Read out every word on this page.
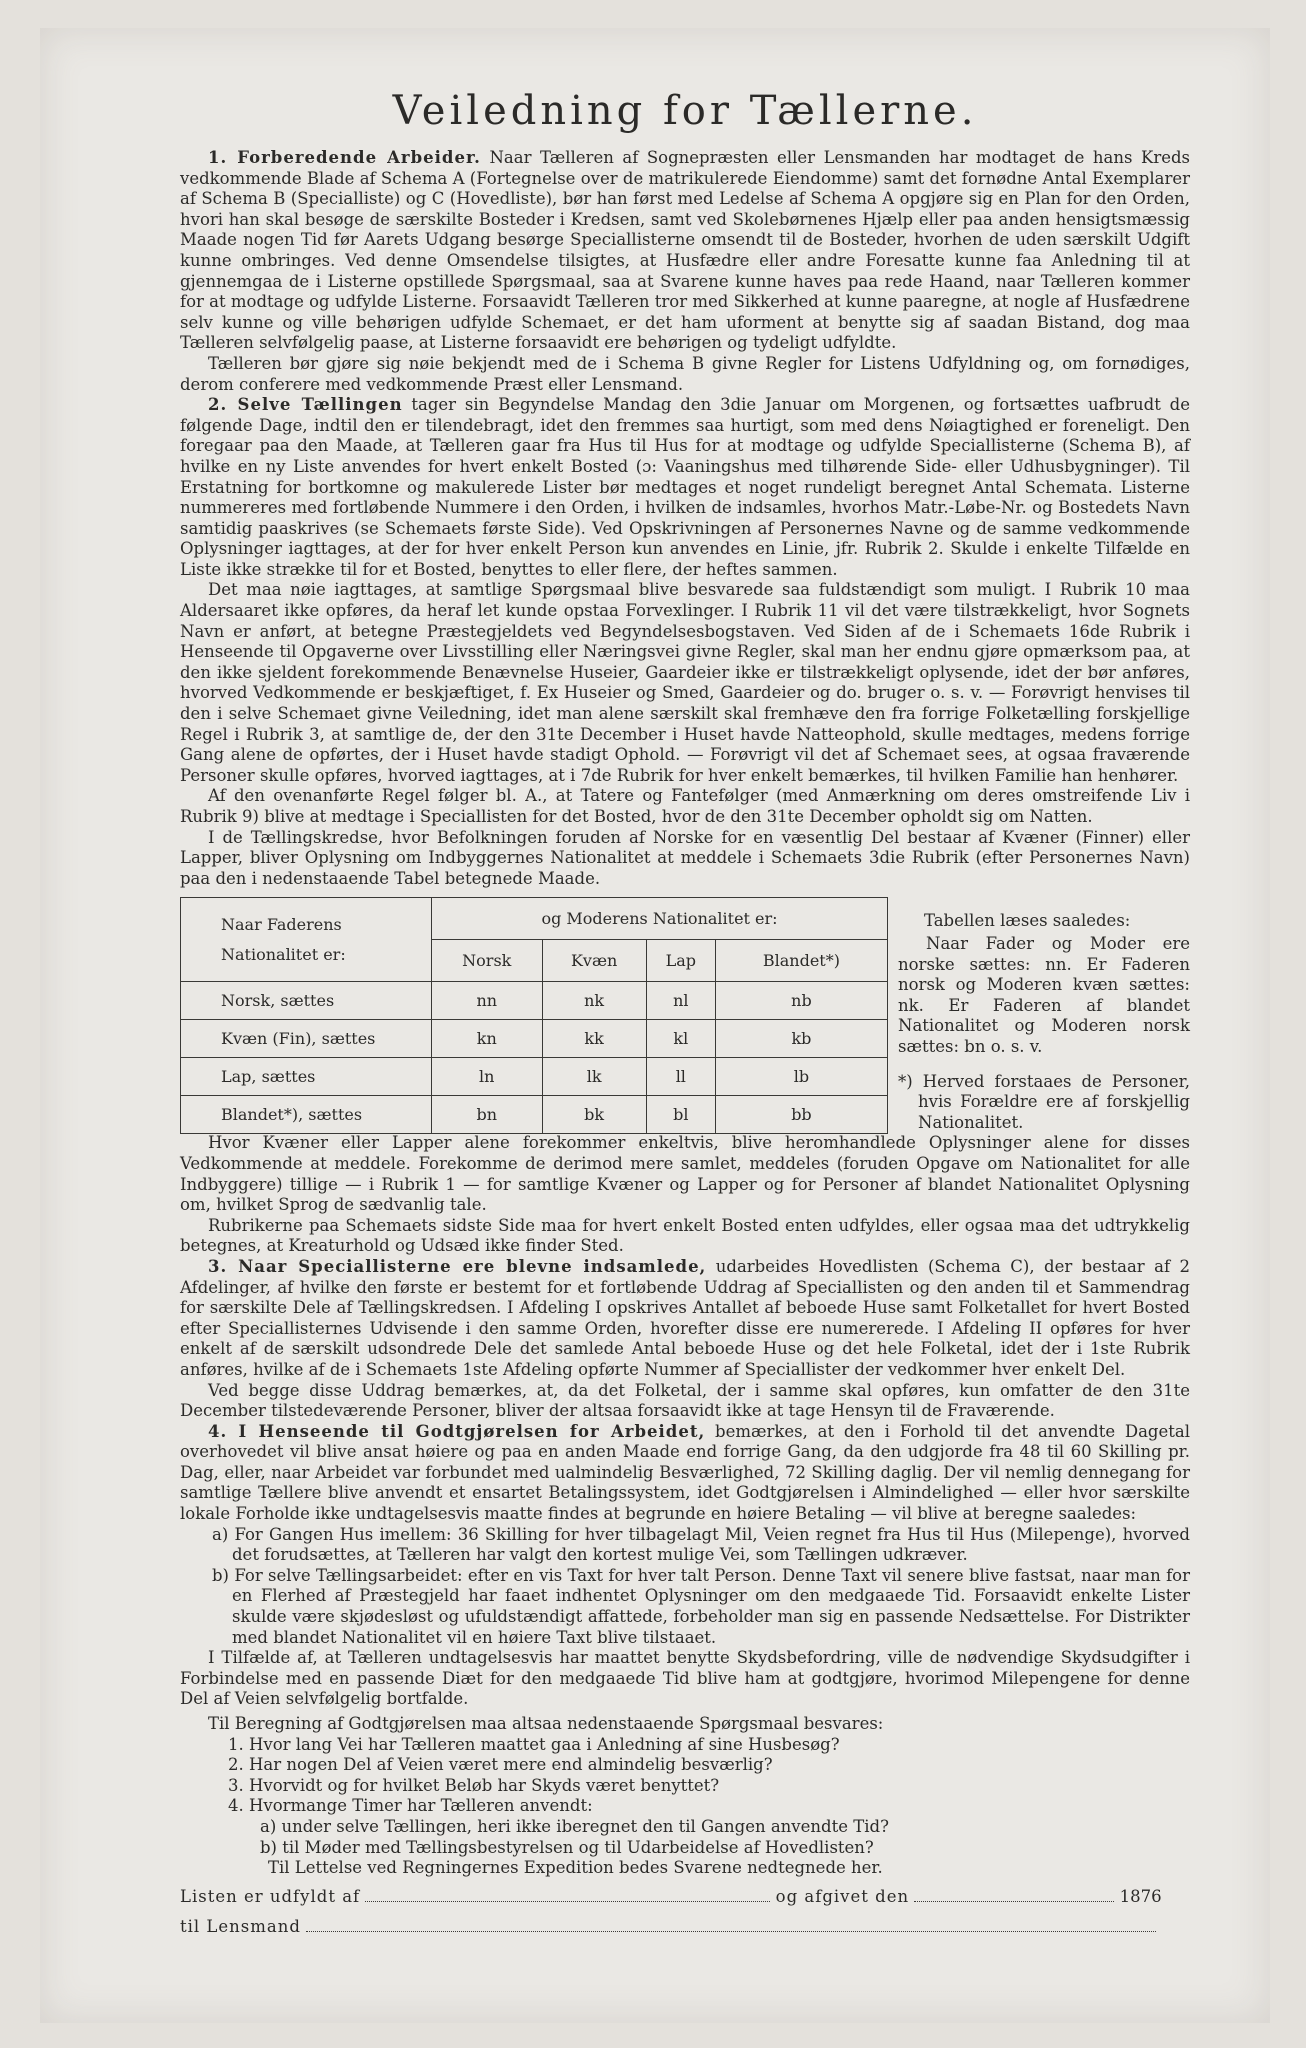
Veiledning for Tællerne.

1. Forberedende Arbeider. Naar Tælleren af Sognepræsten eller Lensmanden har modtaget de hans Kreds vedkommende Blade af Schema A (Fortegnelse over de matrikulerede Eiendomme) samt det fornødne Antal Exemplarer af Schema B (Specialliste) og C (Hovedliste), bør han først med Ledelse af Schema A opgjøre sig en Plan for den Orden, hvori han skal besøge de særskilte Bosteder i Kredsen, samt ved Skolebørnenes Hjælp eller paa anden hensigtsmæssig Maade nogen Tid før Aarets Udgang besørge Speciallisterne omsendt til de Bosteder, hvorhen de uden særskilt Udgift kunne ombringes. Ved denne Omsendelse tilsigtes, at Husfædre eller andre Foresatte kunne faa Anledning til at gjennemgaa de i Listerne opstillede Spørgsmaal, saa at Svarene kunne haves paa rede Haand, naar Tælleren kommer for at modtage og udfylde Listerne. Forsaavidt Tælleren tror med Sikkerhed at kunne paaregne, at nogle af Husfædrene selv kunne og ville behørigen udfylde Schemaet, er det ham uforment at benytte sig af saadan Bistand, dog maa Tælleren selvfølgelig paase, at Listerne forsaavidt ere behørigen og tydeligt udfyldte.

Tælleren bør gjøre sig nøie bekjendt med de i Schema B givne Regler for Listens Udfyldning og, om fornødiges, derom conferere med vedkommende Præst eller Lensmand.

2. Selve Tællingen tager sin Begyndelse Mandag den 3die Januar om Morgenen, og fortsættes uafbrudt de følgende Dage, indtil den er tilendebragt, idet den fremmes saa hurtigt, som med dens Nøiagtighed er foreneligt. Den foregaar paa den Maade, at Tælleren gaar fra Hus til Hus for at modtage og udfylde Speciallisterne (Schema B), af hvilke en ny Liste anvendes for hvert enkelt Bosted (ɔ: Vaaningshus med tilhørende Side- eller Udhusbygninger). Til Erstatning for bortkomne og makulerede Lister bør medtages et noget rundeligt beregnet Antal Schemata. Listerne nummereres med fortløbende Nummere i den Orden, i hvilken de indsamles, hvorhos Matr.-Løbe-Nr. og Bostedets Navn samtidig paaskrives (se Schemaets første Side). Ved Opskrivningen af Personernes Navne og de samme vedkommende Oplysninger iagttages, at der for hver enkelt Person kun anvendes en Linie, jfr. Rubrik 2. Skulde i enkelte Tilfælde en Liste ikke strække til for et Bosted, benyttes to eller flere, der heftes sammen.

Det maa nøie iagttages, at samtlige Spørgsmaal blive besvarede saa fuldstændigt som muligt. I Rubrik 10 maa Aldersaaret ikke opføres, da heraf let kunde opstaa Forvexlinger. I Rubrik 11 vil det være tilstrækkeligt, hvor Sognets Navn er anført, at betegne Præstegjeldets ved Begyndelsesbogstaven. Ved Siden af de i Schemaets 16de Rubrik i Henseende til Opgaverne over Livsstilling eller Næringsvei givne Regler, skal man her endnu gjøre opmærksom paa, at den ikke sjeldent forekommende Benævnelse Huseier, Gaardeier ikke er tilstrækkeligt oplysende, idet der bør anføres, hvorved Vedkommende er beskjæftiget, f. Ex Huseier og Smed, Gaardeier og do. bruger o. s. v. — Forøvrigt henvises til den i selve Schemaet givne Veiledning, idet man alene særskilt skal fremhæve den fra forrige Folketælling forskjellige Regel i Rubrik 3, at samtlige de, der den 31te December i Huset havde Natteophold, skulle medtages, medens forrige Gang alene de opførtes, der i Huset havde stadigt Ophold. — Forøvrigt vil det af Schemaet sees, at ogsaa fraværende Personer skulle opføres, hvorved iagttages, at i 7de Rubrik for hver enkelt bemærkes, til hvilken Familie han henhører.

Af den ovenanførte Regel følger bl. A., at Tatere og Fantefølger (med Anmærkning om deres omstreifende Liv i Rubrik 9) blive at medtage i Speciallisten for det Bosted, hvor de den 31te December opholdt sig om Natten.

I de Tællingskredse, hvor Befolkningen foruden af Norske for en væsentlig Del bestaar af Kvæner (Finner) eller Lapper, bliver Oplysning om Indbyggernes Nationalitet at meddele i Schemaets 3die Rubrik (efter Personernes Navn) paa den i nedenstaaende Tabel betegnede Maade.

Naar Faderens
Nationalitet er:	og Moderens Nationalitet er:			
	Norsk	Kvæn	Lap	Blandet*)
Norsk, sættes	nn	nk	nl	nb
Kvæn (Fin), sættes	kn	kk	kl	kb
Lap, sættes	ln	lk	ll	lb
Blandet*), sættes	bn	bk	bl	bb

Tabellen læses saaledes:

Naar Fader og Moder ere norske sættes: nn. Er Faderen norsk og Moderen kvæn sættes: nk. Er Faderen af blandet Nationalitet og Moderen norsk sættes: bn o. s. v.

*) Herved forstaaes de Personer, hvis Forældre ere af forskjellig Nationalitet.

Hvor Kvæner eller Lapper alene forekommer enkeltvis, blive heromhandlede Oplysninger alene for disses Vedkommende at meddele. Forekomme de derimod mere samlet, meddeles (foruden Opgave om Nationalitet for alle Indbyggere) tillige — i Rubrik 1 — for samtlige Kvæner og Lapper og for Personer af blandet Nationalitet Oplysning om, hvilket Sprog de sædvanlig tale.

Rubrikerne paa Schemaets sidste Side maa for hvert enkelt Bosted enten udfyldes, eller ogsaa maa det udtrykkelig betegnes, at Kreaturhold og Udsæd ikke finder Sted.

3. Naar Speciallisterne ere blevne indsamlede, udarbeides Hovedlisten (Schema C), der bestaar af 2 Afdelinger, af hvilke den første er bestemt for et fortløbende Uddrag af Speciallisten og den anden til et Sammendrag for særskilte Dele af Tællingskredsen. I Afdeling I opskrives Antallet af beboede Huse samt Folketallet for hvert Bosted efter Speciallisternes Udvisende i den samme Orden, hvorefter disse ere numererede. I Afdeling II opføres for hver enkelt af de særskilt udsondrede Dele det samlede Antal beboede Huse og det hele Folketal, idet der i 1ste Rubrik anføres, hvilke af de i Schemaets 1ste Afdeling opførte Nummer af Speciallister der vedkommer hver enkelt Del.

Ved begge disse Uddrag bemærkes, at, da det Folketal, der i samme skal opføres, kun omfatter de den 31te December tilstedeværende Personer, bliver der altsaa forsaavidt ikke at tage Hensyn til de Fraværende.

4. I Henseende til Godtgjørelsen for Arbeidet, bemærkes, at den i Forhold til det anvendte Dagetal overhovedet vil blive ansat høiere og paa en anden Maade end forrige Gang, da den udgjorde fra 48 til 60 Skilling pr. Dag, eller, naar Arbeidet var forbundet med ualmindelig Besværlighed, 72 Skilling daglig. Der vil nemlig dennegang for samtlige Tællere blive anvendt et ensartet Betalingssystem, idet Godtgjørelsen i Almindelighed — eller hvor særskilte lokale Forholde ikke undtagelsesvis maatte findes at begrunde en høiere Betaling — vil blive at beregne saaledes:

a) For Gangen Hus imellem: 36 Skilling for hver tilbagelagt Mil, Veien regnet fra Hus til Hus (Milepenge), hvorved det forudsættes, at Tælleren har valgt den kortest mulige Vei, som Tællingen udkræver.

b) For selve Tællingsarbeidet: efter en vis Taxt for hver talt Person. Denne Taxt vil senere blive fastsat, naar man for en Flerhed af Præstegjeld har faaet indhentet Oplysninger om den medgaaede Tid. Forsaavidt enkelte Lister skulde være skjødesløst og ufuldstændigt affattede, forbeholder man sig en passende Nedsættelse. For Distrikter med blandet Nationalitet vil en høiere Taxt blive tilstaaet.

I Tilfælde af, at Tælleren undtagelsesvis har maattet benytte Skydsbefordring, ville de nødvendige Skydsudgifter i Forbindelse med en passende Diæt for den medgaaede Tid blive ham at godtgjøre, hvorimod Milepengene for denne Del af Veien selvfølgelig bortfalde.

Til Beregning af Godtgjørelsen maa altsaa nedenstaaende Spørgsmaal besvares:

1. Hvor lang Vei har Tælleren maattet gaa i Anledning af sine Husbesøg?

2. Har nogen Del af Veien været mere end almindelig besværlig?

3. Hvorvidt og for hvilket Beløb har Skyds været benyttet?

4. Hvormange Timer har Tælleren anvendt:

a) under selve Tællingen, heri ikke iberegnet den til Gangen anvendte Tid?

b) til Møder med Tællingsbestyrelsen og til Udarbeidelse af Hovedlisten?

Til Lettelse ved Regningernes Expedition bedes Svarene nedtegnede her.

Listen er udfyldt af	og afgivet den	1876
til Lensmand
